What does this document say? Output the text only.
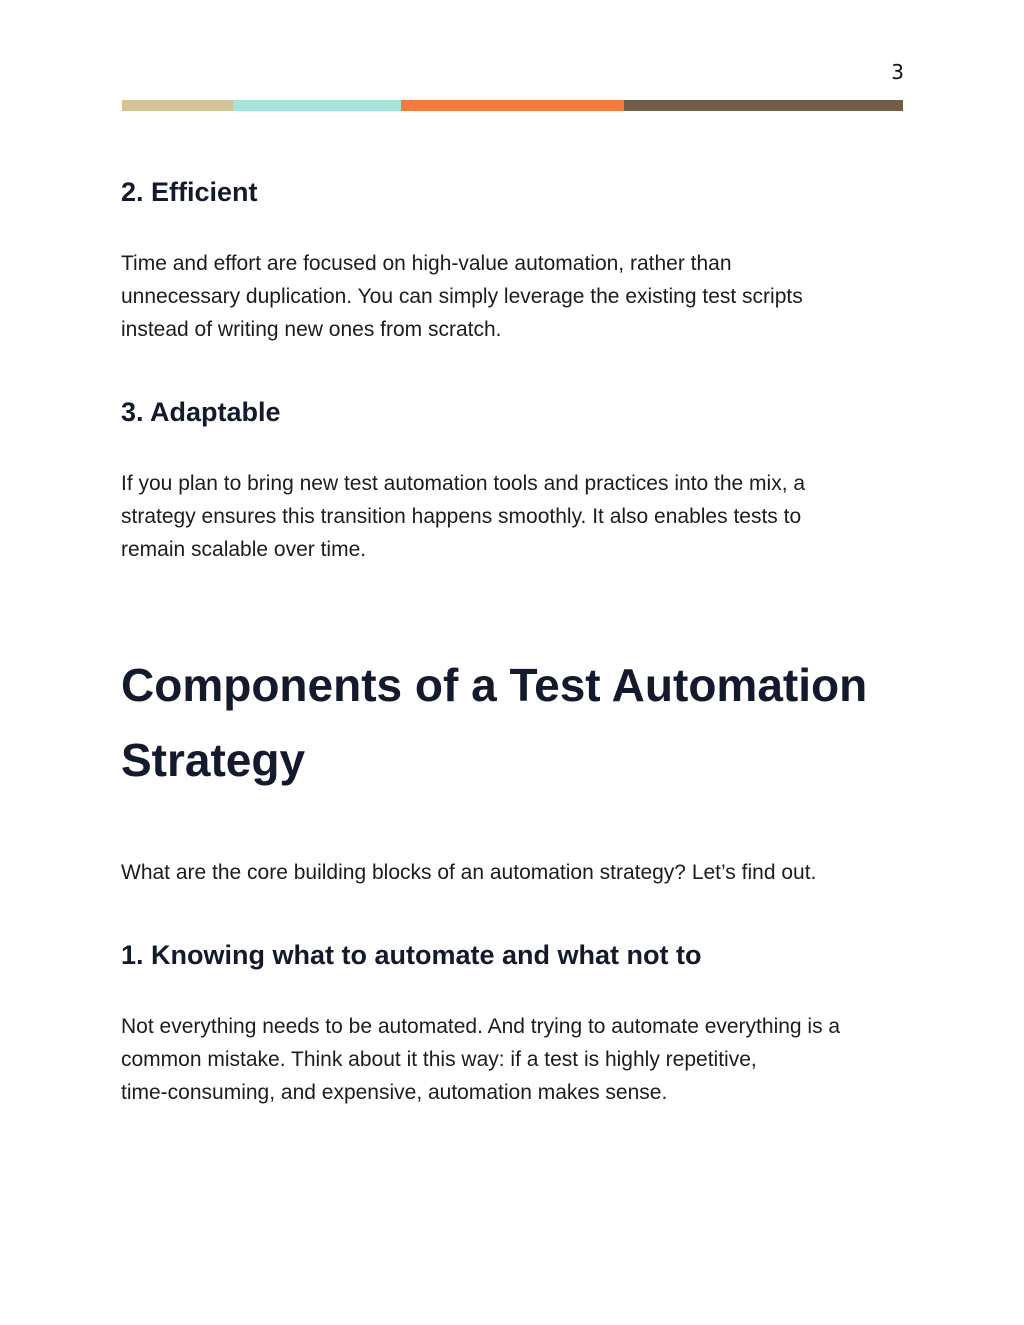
3
2. Efficient

Time and effort are focused on high-value automation, rather than
unnecessary duplication. You can simply leverage the existing test scripts
instead of writing new ones from scratch.

3. Adaptable

If you plan to bring new test automation tools and practices into the mix, a
strategy ensures this transition happens smoothly. It also enables tests to
remain scalable over time.

Components of a Test Automation
Strategy

What are the core building blocks of an automation strategy? Let’s find out.

1. Knowing what to automate and what not to

Not everything needs to be automated. And trying to automate everything is a
common mistake. Think about it this way: if a test is highly repetitive,
time-consuming, and expensive, automation makes sense.
